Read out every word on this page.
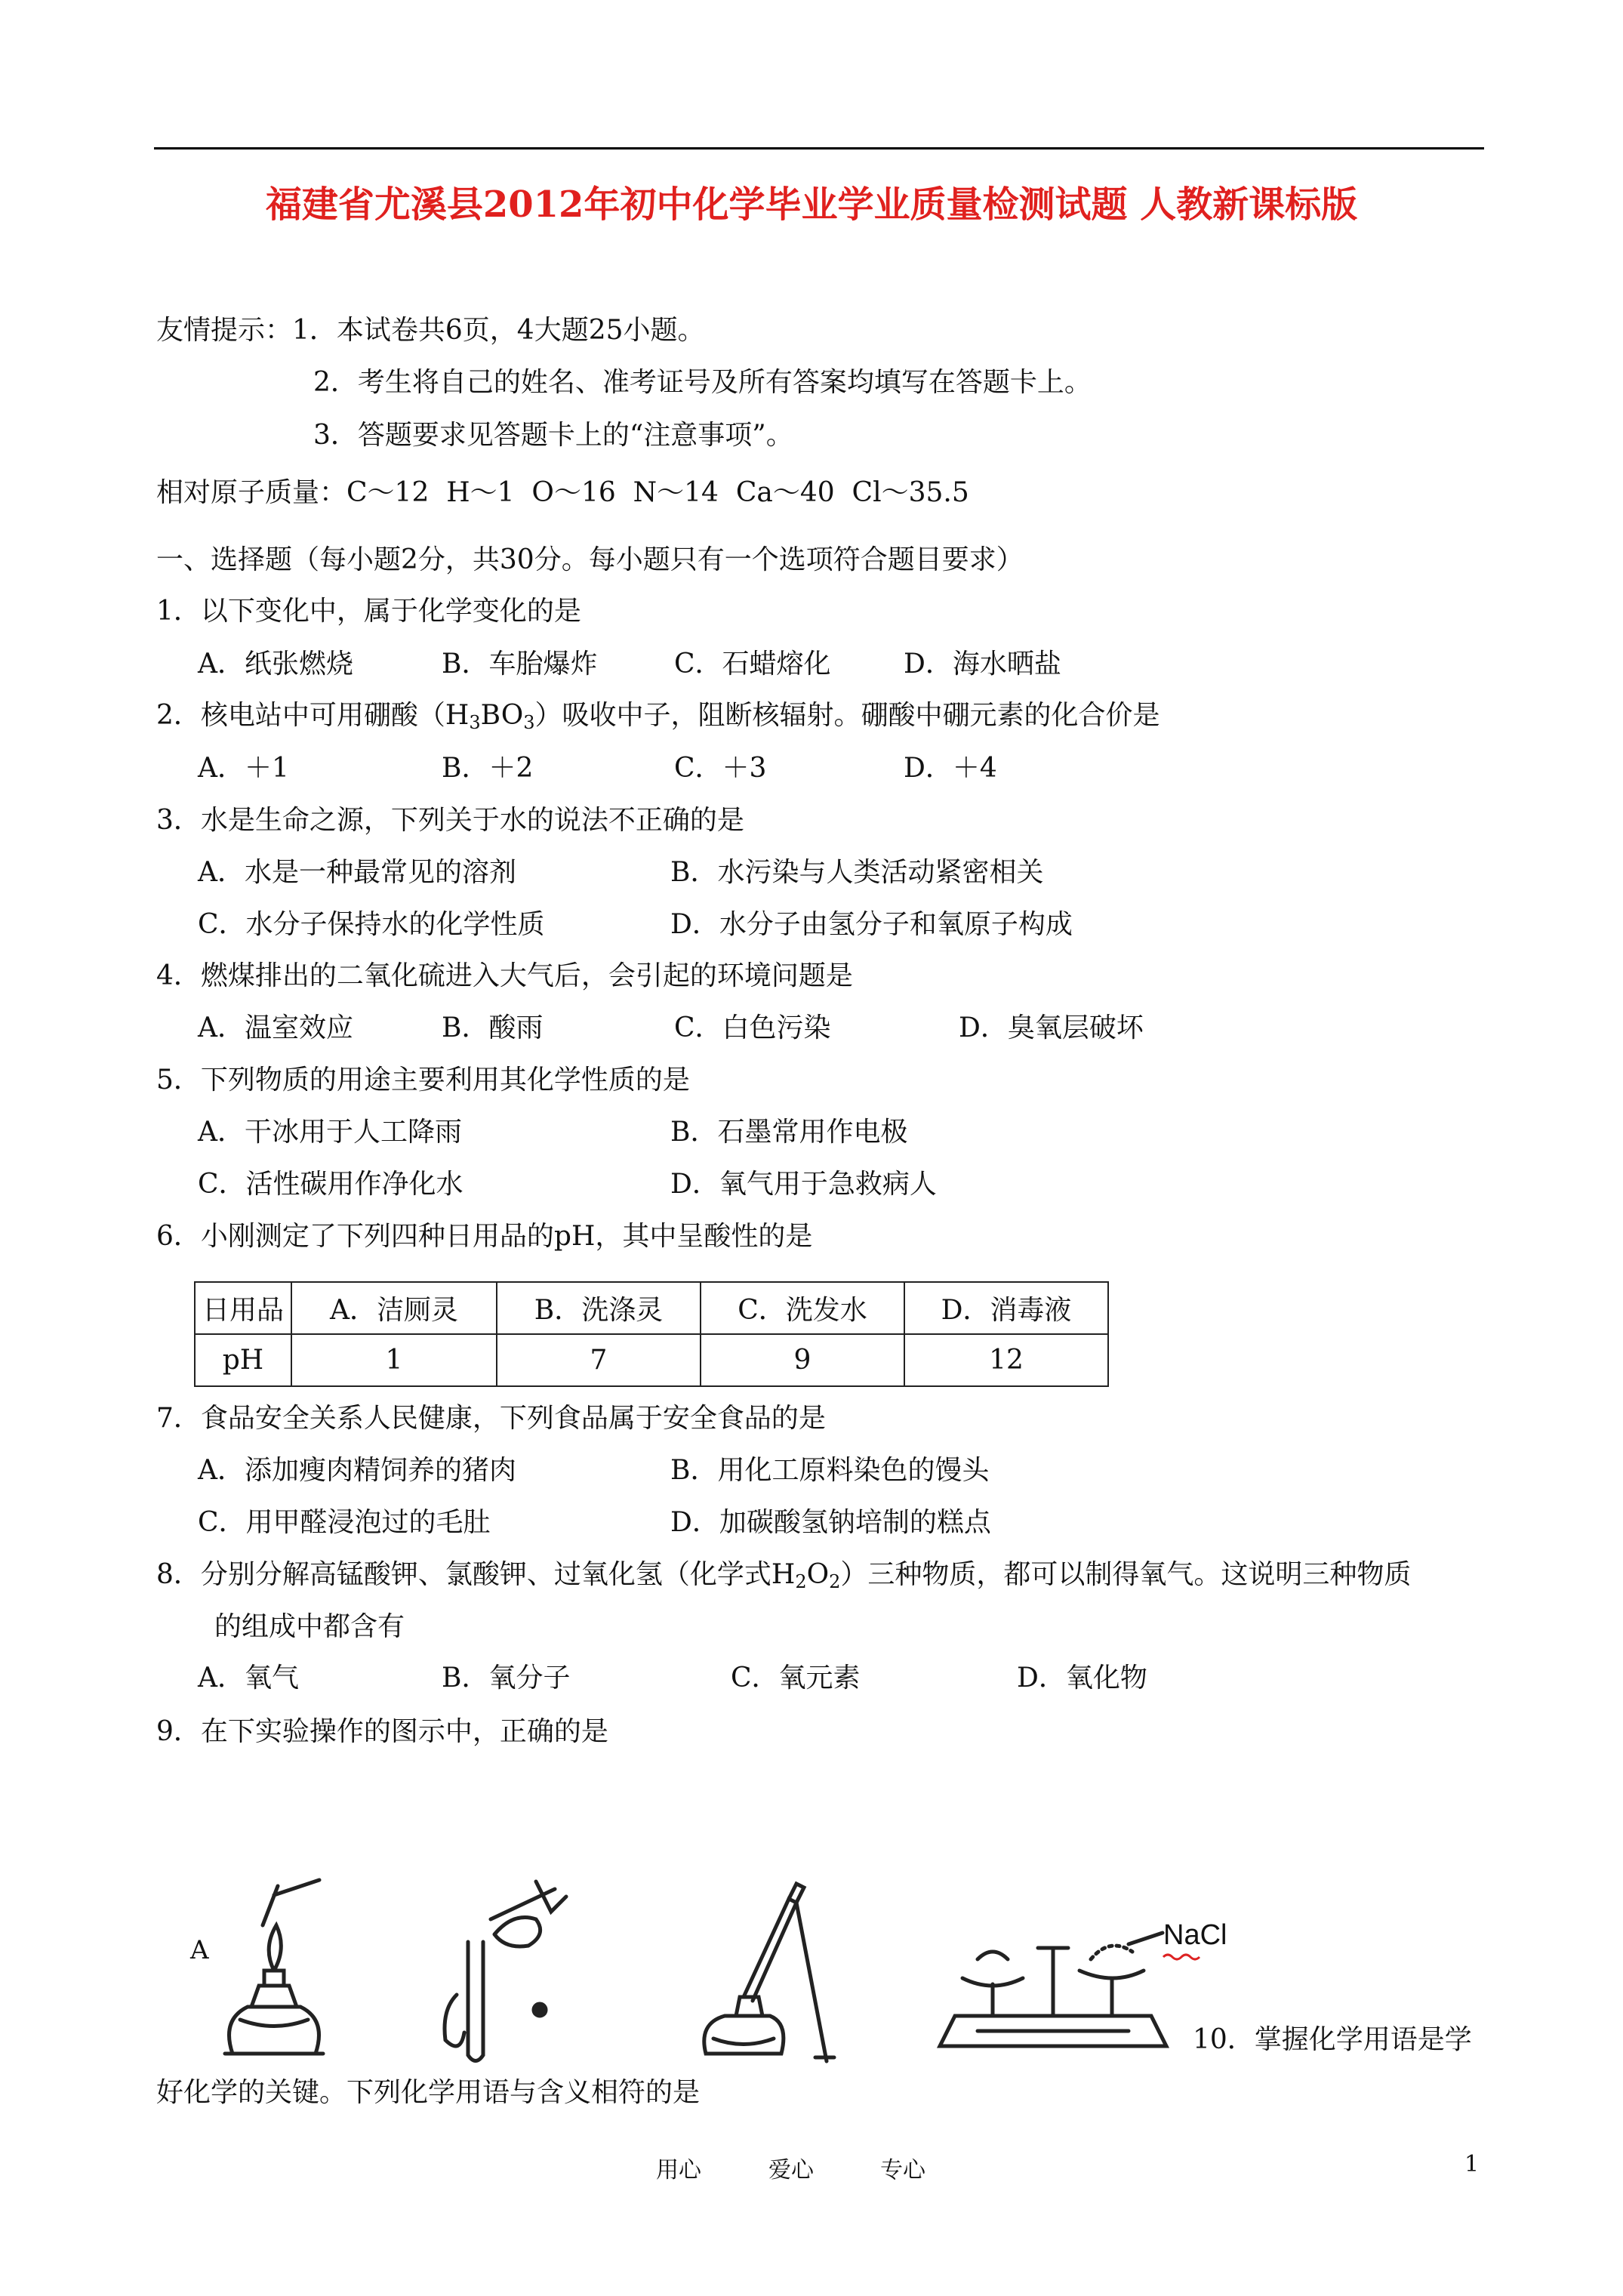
福建省尤溪县2012年初中化学毕业学业质量检测试题 人教新课标版
友情提示：1．本试卷共6页，4大题25小题。
2．考生将自己的姓名、准考证号及所有答案均填写在答题卡上。
3．答题要求见答题卡上的“注意事项”。
相对原子质量：C～12  H～1  O～16  N～14  Ca～40  Cl～35.5
一、选择题（每小题2分，共30分。每小题只有一个选项符合题目要求）
1．以下变化中，属于化学变化的是
A．纸张燃烧	B．车胎爆炸	C．石蜡熔化	D．海水晒盐
2．核电站中可用硼酸$(H_3BO_3)$吸收中子，阻断核辐射。硼酸中硼元素的化合价是
A．＋1	B．＋2	C．＋3	D．＋4
3．水是生命之源，下列关于水的说法不正确的是
A．水是一种最常见的溶剂	B．水污染与人类活动紧密相关
C．水分子保持水的化学性质	D．水分子由氢分子和氧原子构成
4．燃煤排出的二氧化硫进入大气后，会引起的环境问题是
A．温室效应	B．酸雨	C．白色污染	D．臭氧层破坏
5．下列物质的用途主要利用其化学性质的是
A．干冰用于人工降雨	B．石墨常用作电极
C．活性碳用作净化水	D．氧气用于急救病人
6．小刚测定了下列四种日用品的pH，其中呈酸性的是
日用品	A．洁厕灵	B．洗涤灵	C．洗发水	D．消毒液
pH	1	7	9	12
7．食品安全关系人民健康，下列食品属于安全食品的是
A．添加瘦肉精饲养的猪肉	B．用化工原料染色的馒头
C．用甲醛浸泡过的毛肚	D．加碳酸氢钠培制的糕点
8．分别分解高锰酸钾、氯酸钾、过氧化氢（化学式$H_2O_2$）三种物质，都可以制得氧气。这说明三种物质
的组成中都含有
A．氧气	B．氧分子	C．氧元素	D．氧化物
9．在下实验操作的图示中，正确的是
A	NaCl
10．掌握化学用语是学
好化学的关键。下列化学用语与含义相符的是
用心	爱心	专心	1
